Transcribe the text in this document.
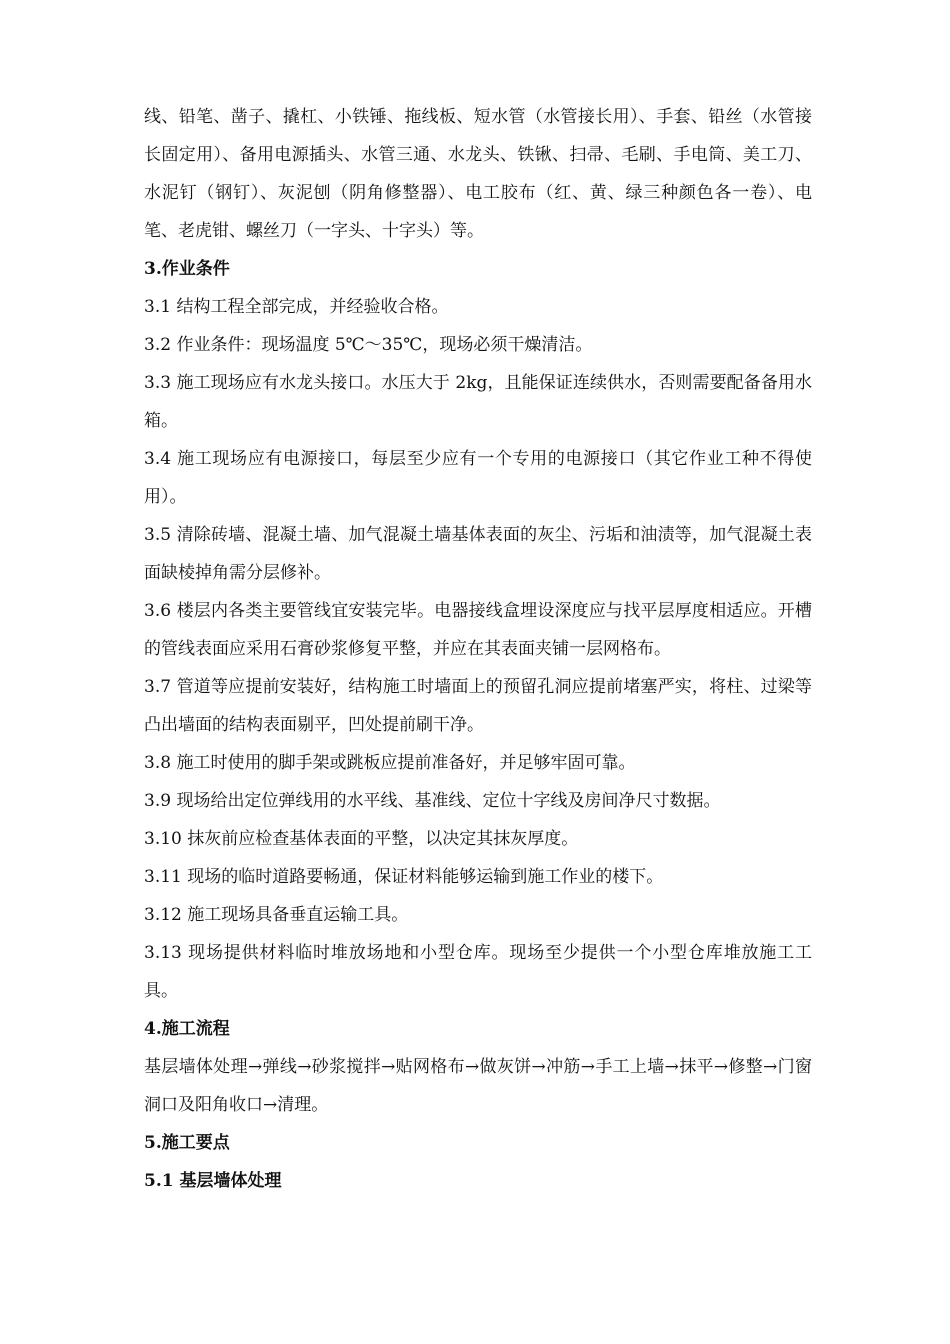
线、铅笔、凿子、撬杠、小铁锤、拖线板、短水管（水管接长用）、手套、铅丝（水管接长固定用）、备用电源插头、水管三通、水龙头、铁锹、扫帚、毛刷、手电筒、美工刀、水泥钉（钢钉）、灰泥刨（阴角修整器）、电工胶布（红、黄、绿三种颜色各一卷）、电笔、老虎钳、螺丝刀（一字头、十字头）等。

3.作业条件

3.1 结构工程全部完成，并经验收合格。

3.2 作业条件：现场温度 5℃～35℃，现场必须干燥清洁。

3.3 施工现场应有水龙头接口。水压大于 2kg，且能保证连续供水，否则需要配备备用水箱。

3.4 施工现场应有电源接口，每层至少应有一个专用的电源接口（其它作业工种不得使用）。

3.5 清除砖墙、混凝土墙、加气混凝土墙基体表面的灰尘、污垢和油渍等，加气混凝土表面缺棱掉角需分层修补。

3.6 楼层内各类主要管线宜安装完毕。电器接线盒埋设深度应与找平层厚度相适应。开槽的管线表面应采用石膏砂浆修复平整，并应在其表面夹铺一层网格布。

3.7 管道等应提前安装好，结构施工时墙面上的预留孔洞应提前堵塞严实，将柱、过梁等凸出墙面的结构表面剔平，凹处提前刷干净。

3.8 施工时使用的脚手架或跳板应提前准备好，并足够牢固可靠。

3.9 现场给出定位弹线用的水平线、基准线、定位十字线及房间净尺寸数据。

3.10 抹灰前应检查基体表面的平整，以决定其抹灰厚度。

3.11 现场的临时道路要畅通，保证材料能够运输到施工作业的楼下。

3.12 施工现场具备垂直运输工具。

3.13 现场提供材料临时堆放场地和小型仓库。现场至少提供一个小型仓库堆放施工工具。

4.施工流程

基层墙体处理→弹线→砂浆搅拌→贴网格布→做灰饼→冲筋→手工上墙→抹平→修整→门窗洞口及阳角收口→清理。

5.施工要点

5.1 基层墙体处理
